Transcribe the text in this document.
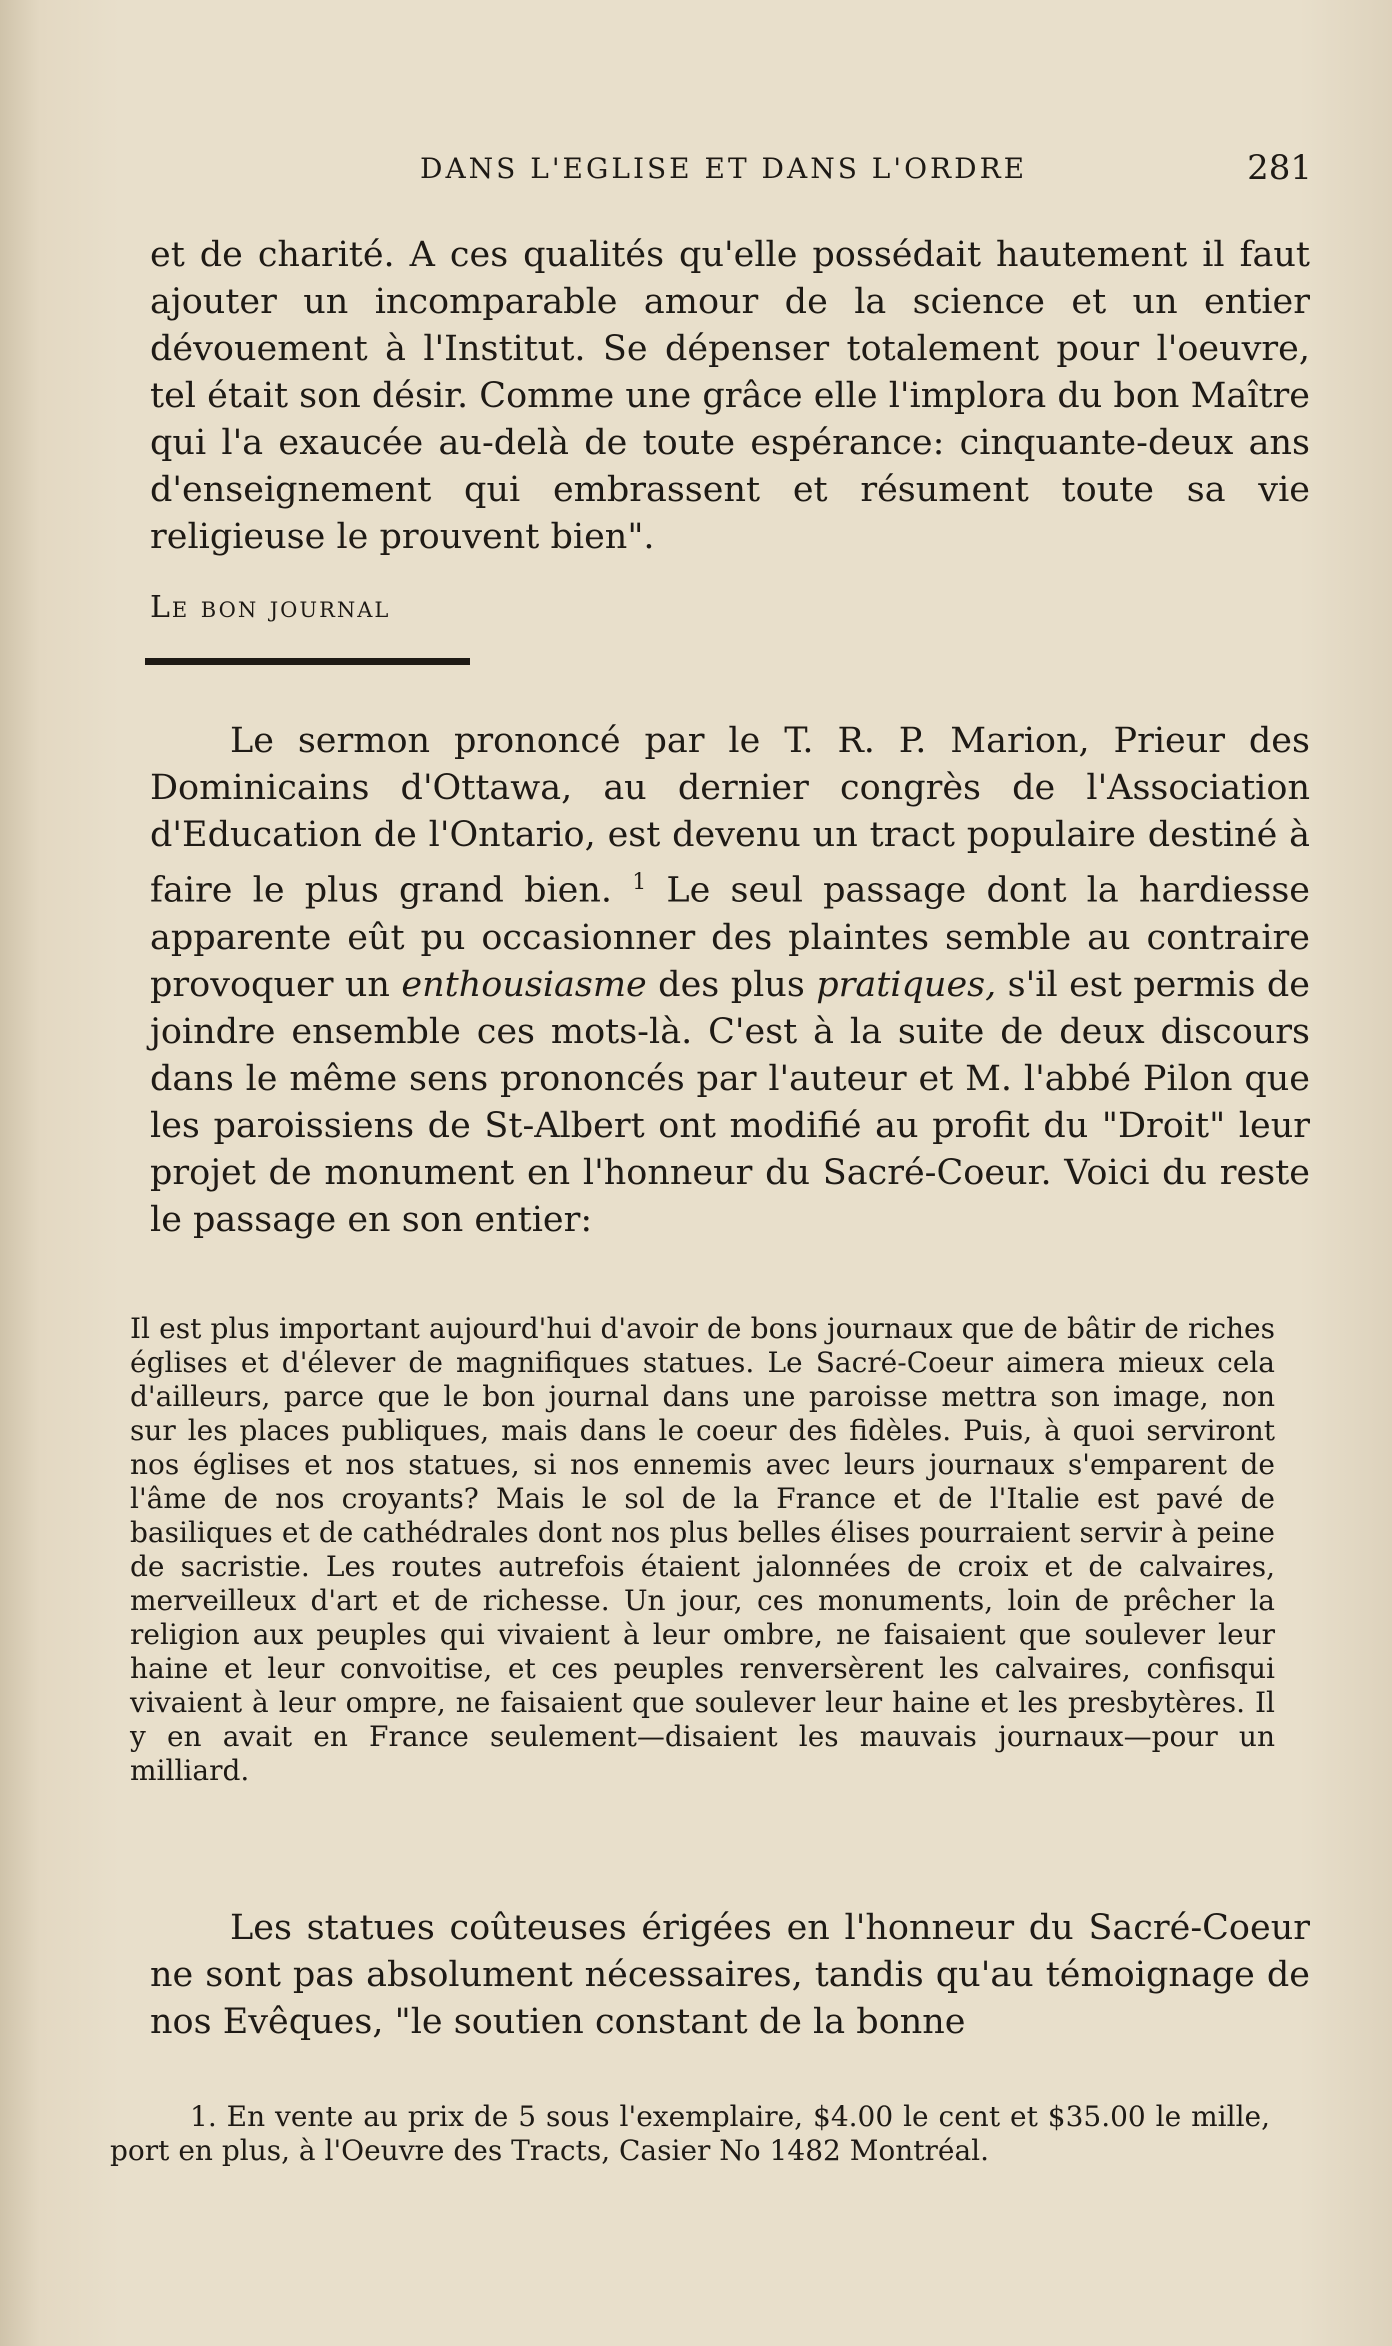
DANS L'EGLISE ET DANS L'ORDRE	281

et de charité. A ces qualités qu'elle possédait hautement il faut ajouter un incomparable amour de la science et un entier dévouement à l'Institut. Se dépenser totalement pour l'oeuvre, tel était son désir. Comme une grâce elle l'implora du bon Maître qui l'a exaucée au-delà de toute espérance: cinquante-deux ans d'enseignement qui embrassent et résument toute sa vie religieuse le prouvent bien".

Le bon journal

Le sermon prononcé par le T. R. P. Marion, Prieur des Dominicains d'Ottawa, au dernier congrès de l'Association d'Education de l'Ontario, est devenu un tract populaire destiné à faire le plus grand bien. $^1$ Le seul passage dont la hardiesse apparente eût pu occasionner des plaintes semble au contraire provoquer un enthousiasme des plus pratiques, s'il est permis de joindre ensemble ces mots-là. C'est à la suite de deux discours dans le même sens prononcés par l'auteur et M. l'abbé Pilon que les paroissiens de St-Albert ont modifié au profit du "Droit" leur projet de monument en l'honneur du Sacré-Coeur. Voici du reste le passage en son entier:

Il est plus important aujourd'hui d'avoir de bons journaux que de bâtir de riches églises et d'élever de magnifiques statues. Le Sacré-Coeur aimera mieux cela d'ailleurs, parce que le bon journal dans une paroisse mettra son image, non sur les places publiques, mais dans le coeur des fidèles. Puis, à quoi serviront nos églises et nos statues, si nos ennemis avec leurs journaux s'emparent de l'âme de nos croyants? Mais le sol de la France et de l'Italie est pavé de basiliques et de cathédrales dont nos plus belles élises pourraient servir à peine de sacristie. Les routes autrefois étaient jalonnées de croix et de calvaires, merveilleux d'art et de richesse. Un jour, ces monuments, loin de prêcher la religion aux peuples qui vivaient à leur ombre, ne faisaient que soulever leur haine et leur convoitise, et ces peuples renversèrent les calvaires, confisqui vivaient à leur ompre, ne faisaient que soulever leur haine et les presbytères. Il y en avait en France seulement—disaient les mauvais journaux—pour un milliard.

Les statues coûteuses érigées en l'honneur du Sacré-Coeur ne sont pas absolument nécessaires, tandis qu'au témoignage de nos Evêques, "le soutien constant de la bonne

1. En vente au prix de 5 sous l'exemplaire, $4.00 le cent et $35.00 le mille, port en plus, à l'Oeuvre des Tracts, Casier No 1482 Montréal.
